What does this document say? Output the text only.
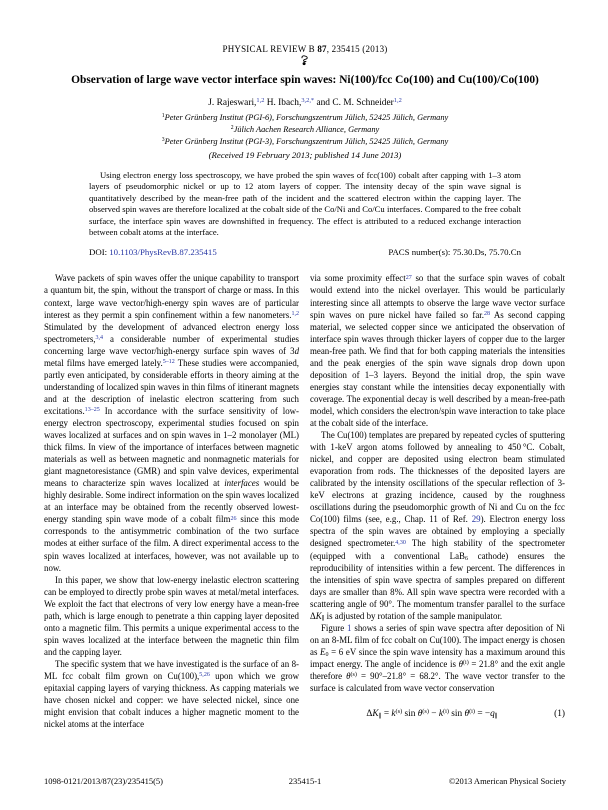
PHYSICAL REVIEW B 87, 235415 (2013)
Observation of large wave vector interface spin waves: Ni(100)/fcc Co(100) and Cu(100)/Co(100)
J. Rajeswari,$^{1,2}$ H. Ibach,$^{3,2,*}$ and C. M. Schneider$^{1,2}$
$^1$Peter Grünberg Institut (PGI-6), Forschungszentrum Jülich, 52425 Jülich, Germany
$^2$Jülich Aachen Research Alliance, Germany
$^3$Peter Grünberg Institut (PGI-3), Forschungszentrum Jülich, 52425 Jülich, Germany
(Received 19 February 2013; published 14 June 2013)
Using electron energy loss spectroscopy, we have probed the spin waves of fcc(100) cobalt after capping with 1–3 atom layers of pseudomorphic nickel or up to 12 atom layers of copper. The intensity decay of the spin wave signal is quantitatively described by the mean-free path of the incident and the scattered electron within the capping layer. The observed spin waves are therefore localized at the cobalt side of the Co/Ni and Co/Cu interfaces. Compared to the free cobalt surface, the interface spin waves are downshifted in frequency. The effect is attributed to a reduced exchange interaction between cobalt atoms at the interface.
DOI: 10.1103/PhysRevB.87.235415	PACS number(s): 75.30.Ds, 75.70.Cn

Wave packets of spin waves offer the unique capability to transport a quantum bit, the spin, without the transport of charge or mass. In this context, large wave vector/high-energy spin waves are of particular interest as they permit a spin confinement within a few nanometers.$^{1,2}$ Stimulated by the development of advanced electron energy loss spectrometers,$^{3,4}$ a considerable number of experimental studies concerning large wave vector/high-energy surface spin waves of 3d metal films have emerged lately.$^{5-12}$ These studies were accompanied, partly even anticipated, by considerable efforts in theory aiming at the understanding of localized spin waves in thin films of itinerant magnets and at the description of inelastic electron scattering from such excitations.$^{13-25}$ In accordance with the surface sensitivity of low-energy electron spectroscopy, experimental studies focused on spin waves localized at surfaces and on spin waves in 1–2 monolayer (ML) thick films. In view of the importance of interfaces between magnetic materials as well as between magnetic and nonmagnetic materials for giant magnetoresistance (GMR) and spin valve devices, experimental means to characterize spin waves localized at interfaces would be highly desirable. Some indirect information on the spin waves localized at an interface may be obtained from the recently observed lowest-energy standing spin wave mode of a cobalt film$^{26}$ since this mode corresponds to the antisymmetric combination of the two surface modes at either surface of the film. A direct experimental access to the spin waves localized at interfaces, however, was not available up to now.

In this paper, we show that low-energy inelastic electron scattering can be employed to directly probe spin waves at metal/metal interfaces. We exploit the fact that electrons of very low energy have a mean-free path, which is large enough to penetrate a thin capping layer deposited onto a magnetic film. This permits a unique experimental access to the spin waves localized at the interface between the magnetic thin film and the capping layer.

The specific system that we have investigated is the surface of an 8-ML fcc cobalt film grown on Cu(100),$^{5,26}$ upon which we grow epitaxial capping layers of varying thickness. As capping materials we have chosen nickel and copper: we have selected nickel, since one might envision that cobalt induces a higher magnetic moment to the nickel atoms at the interface

via some proximity effect$^{27}$ so that the surface spin waves of cobalt would extend into the nickel overlayer. This would be particularly interesting since all attempts to observe the large wave vector surface spin waves on pure nickel have failed so far.$^{28}$ As second capping material, we selected copper since we anticipated the observation of interface spin waves through thicker layers of copper due to the larger mean-free path. We find that for both capping materials the intensities and the peak energies of the spin wave signals drop down upon deposition of 1–3 layers. Beyond the initial drop, the spin wave energies stay constant while the intensities decay exponentially with coverage. The exponential decay is well described by a mean-free-path model, which considers the electron/spin wave interaction to take place at the cobalt side of the interface.

The Cu(100) templates are prepared by repeated cycles of sputtering with 1-keV argon atoms followed by annealing to 450 °C. Cobalt, nickel, and copper are deposited using electron beam stimulated evaporation from rods. The thicknesses of the deposited layers are calibrated by the intensity oscillations of the specular reflection of 3-keV electrons at grazing incidence, caused by the roughness oscillations during the pseudomorphic growth of Ni and Cu on the fcc Co(100) films (see, e.g., Chap. 11 of Ref. 29). Electron energy loss spectra of the spin waves are obtained by employing a specially designed spectrometer.$^{4,30}$ The high stability of the spectrometer (equipped with a conventional LaB$_6$ cathode) ensures the reproducibility of intensities within a few percent. The differences in the intensities of spin wave spectra of samples prepared on different days are smaller than 8%. All spin wave spectra were recorded with a scattering angle of 90°. The momentum transfer parallel to the surface $\Delta K_\parallel$ is adjusted by rotation of the sample manipulator.

Figure 1 shows a series of spin wave spectra after deposition of Ni on an 8-ML film of fcc cobalt on Cu(100). The impact energy is chosen as $E_0 = 6$ eV since the spin wave intensity has a maximum around this impact energy. The angle of incidence is $\theta^{(i)} = 21.8^\circ$ and the exit angle therefore $\theta^{(s)} = 90^\circ-21.8^\circ = 68.2^\circ$. The wave vector transfer to the surface is calculated from wave vector conservation

$\Delta K_\parallel = k^{(s)}$ $\sin \theta^{(s)} - k^{(i)}$ $\sin \theta^{(i)} = -q_\parallel$	(1)
235415-1
1098-0121/2013/87(23)/235415(5)	©2013 American Physical Society
